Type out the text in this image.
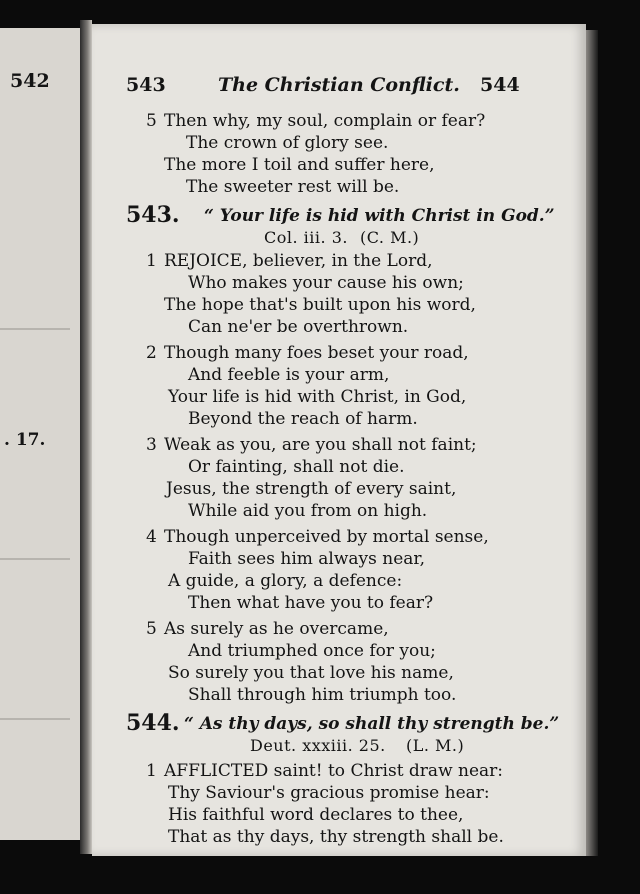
542
. 17.
543	The Christian Conflict. 544
5 Then why, my soul, complain or fear?
The crown of glory see.
The more I toil and suffer here,
The sweeter rest will be.
543. “ Your life is hid with Christ in God.”
Col. iii. 3. (C. M.)
1 REJOICE, believer, in the Lord,
Who makes your cause his own;
The hope that's built upon his word,
Can ne'er be overthrown.
2 Though many foes beset your road,
And feeble is your arm,
Your life is hid with Christ, in God,
Beyond the reach of harm.
3 Weak as you, are you shall not faint;
Or fainting, shall not die.
Jesus, the strength of every saint,
While aid you from on high.
4 Though unperceived by mortal sense,
Faith sees him always near,
A guide, a glory, a defence:
Then what have you to fear?
5 As surely as he overcame,
And triumphed once for you;
So surely you that love his name,
Shall through him triumph too.
544. “ As thy days, so shall thy strength be.”
Deut. xxxiii. 25. (L. M.)
1 AFFLICTED saint! to Christ draw near:
Thy Saviour's gracious promise hear:
His faithful word declares to thee,
That as thy days, thy strength shall be.
